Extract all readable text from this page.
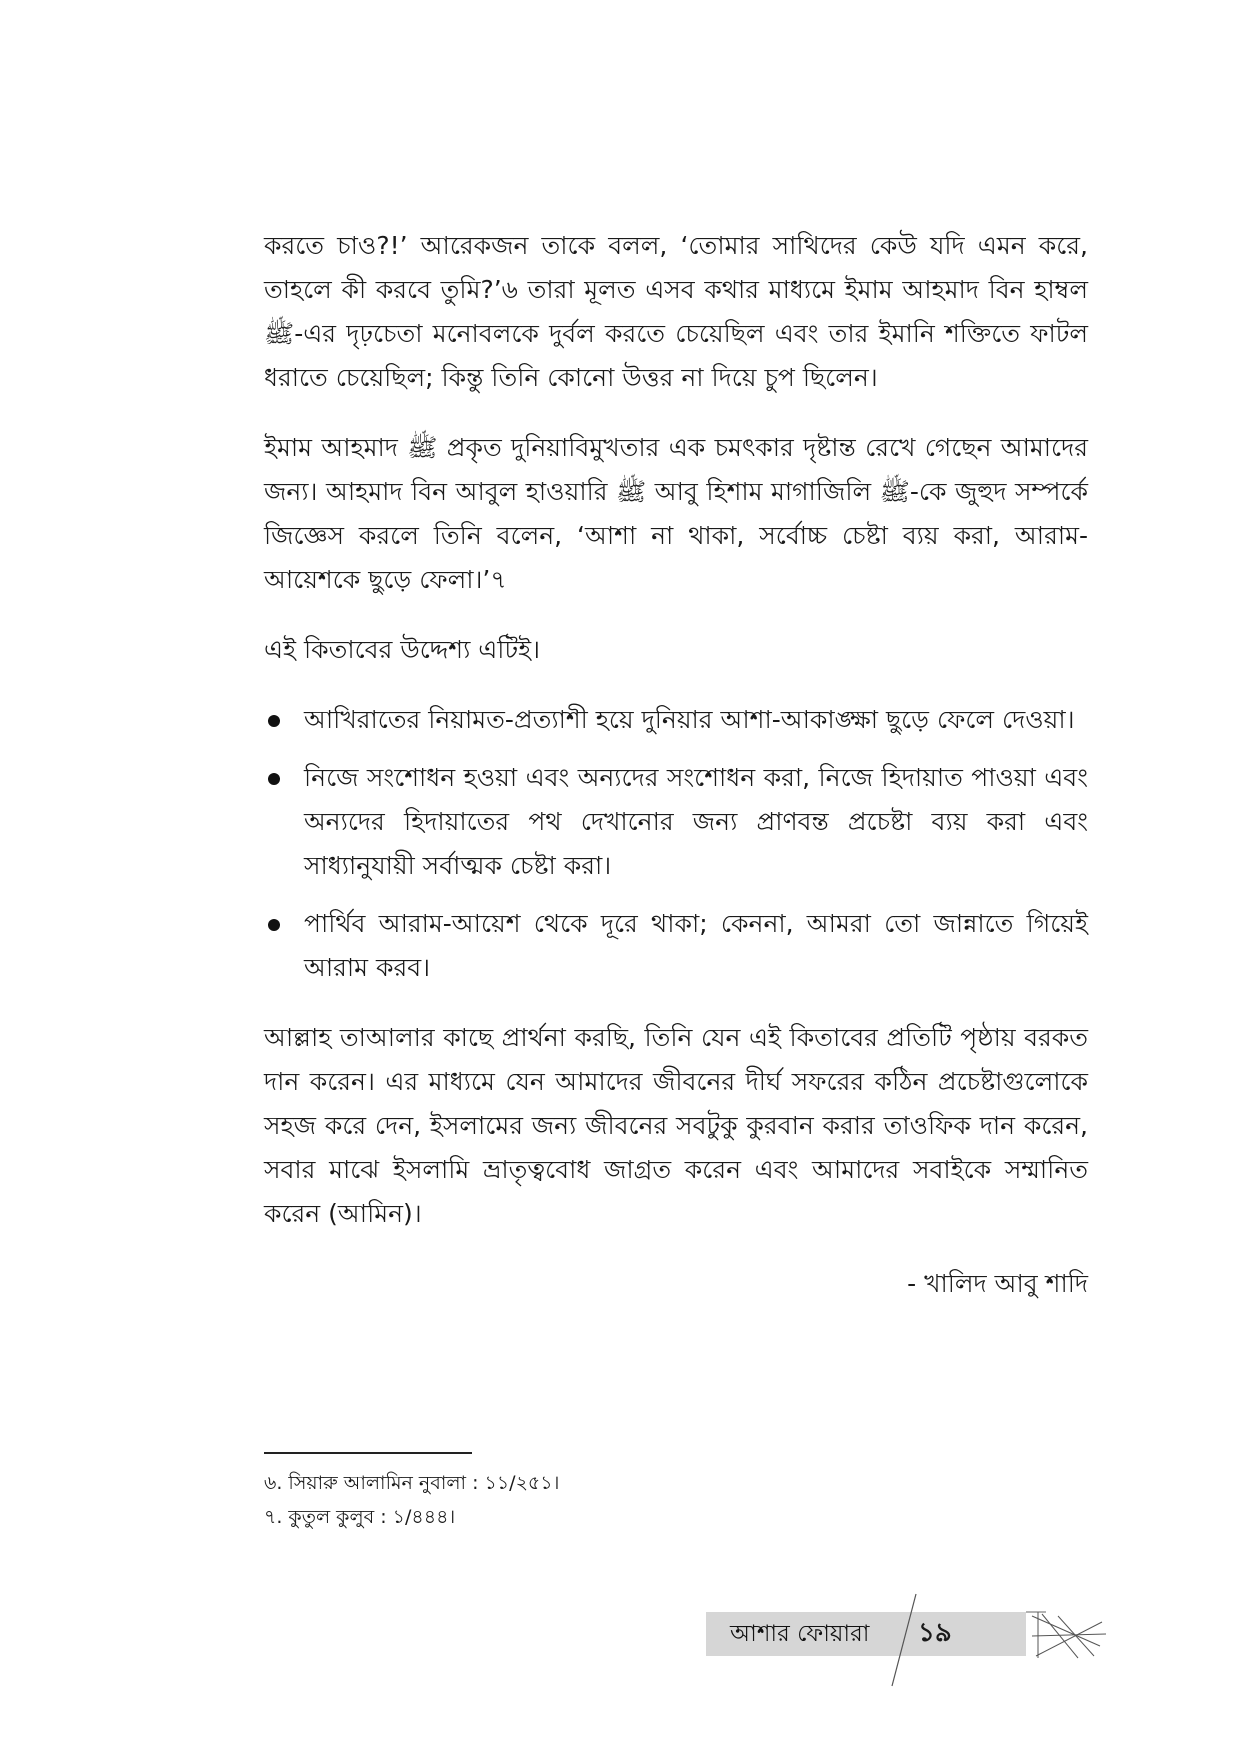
করতে চাও?!’ আরেকজন তাকে বলল, ‘তোমার সাথিদের কেউ যদি এমন করে, তাহলে কী করবে তুমি?’৬ তারা মূলত এসব কথার মাধ্যমে ইমাম আহমাদ বিন হাম্বল ﷺ-এর দৃঢ়চেতা মনোবলকে দুর্বল করতে চেয়েছিল এবং তার ইমানি শক্তিতে ফাটল ধরাতে চেয়েছিল; কিন্তু তিনি কোনো উত্তর না দিয়ে চুপ ছিলেন।

ইমাম আহমাদ ﷺ প্রকৃত দুনিয়াবিমুখতার এক চমৎকার দৃষ্টান্ত রেখে গেছেন আমাদের জন্য। আহমাদ বিন আবুল হাওয়ারি ﷺ আবু হিশাম মাগাজিলি ﷺ-কে জুহুদ সম্পর্কে জিজ্ঞেস করলে তিনি বলেন, ‘আশা না থাকা, সর্বোচ্চ চেষ্টা ব্যয় করা, আরাম-আয়েশকে ছুড়ে ফেলা।’৭

এই কিতাবের উদ্দেশ্য এটিই।

আখিরাতের নিয়ামত-প্রত্যাশী হয়ে দুনিয়ার আশা-আকাঙ্ক্ষা ছুড়ে ফেলে দেওয়া।
নিজে সংশোধন হওয়া এবং অন্যদের সংশোধন করা, নিজে হিদায়াত পাওয়া এবং অন্যদের হিদায়াতের পথ দেখানোর জন্য প্রাণবন্ত প্রচেষ্টা ব্যয় করা এবং সাধ্যানুযায়ী সর্বাত্মক চেষ্টা করা।
পার্থিব আরাম-আয়েশ থেকে দূরে থাকা; কেননা, আমরা তো জান্নাতে গিয়েই আরাম করব।

আল্লাহ তাআলার কাছে প্রার্থনা করছি, তিনি যেন এই কিতাবের প্রতিটি পৃষ্ঠায় বরকত দান করেন। এর মাধ্যমে যেন আমাদের জীবনের দীর্ঘ সফরের কঠিন প্রচেষ্টাগুলোকে সহজ করে দেন, ইসলামের জন্য জীবনের সবটুকু কুরবান করার তাওফিক দান করেন, সবার মাঝে ইসলামি ভ্রাতৃত্ববোধ জাগ্রত করেন এবং আমাদের সবাইকে সম্মানিত করেন (আমিন)।

- খালিদ আবু শাদি
৬. সিয়ারু আলামিন নুবালা : ১১/২৫১।
৭. কুতুল কুলুব : ১/৪৪৪।
আশার ফোয়ারা ১৯
